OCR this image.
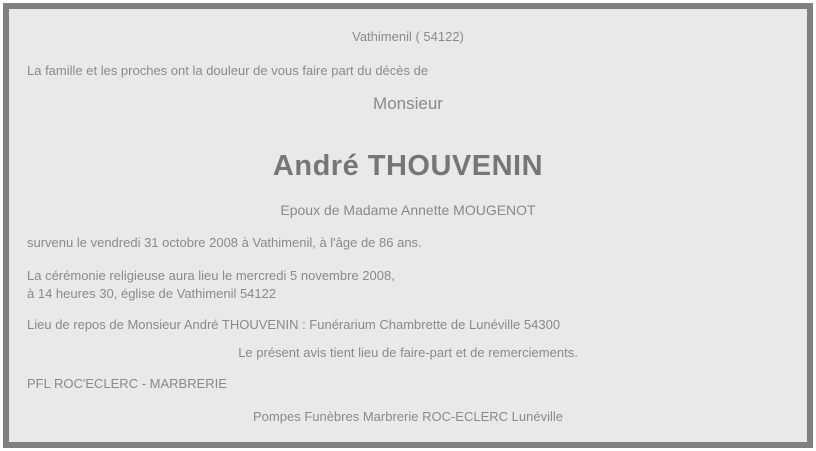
Vathimenil ( 54122)

La famille et les proches ont la douleur de vous faire part du décès de

Monsieur

André THOUVENIN

Epoux de Madame Annette MOUGENOT

survenu le vendredi 31 octobre 2008 à Vathimenil, à l'âge de 86 ans.

La cérémonie religieuse aura lieu le mercredi 5 novembre 2008,
à 14 heures 30, église de Vathimenil 54122

Lieu de repos de Monsieur André THOUVENIN : Funérarium Chambrette de Lunéville 54300

Le présent avis tient lieu de faire-part et de remerciements.

PFL ROC'ECLERC - MARBRERIE

Pompes Funèbres Marbrerie ROC-ECLERC Lunéville
